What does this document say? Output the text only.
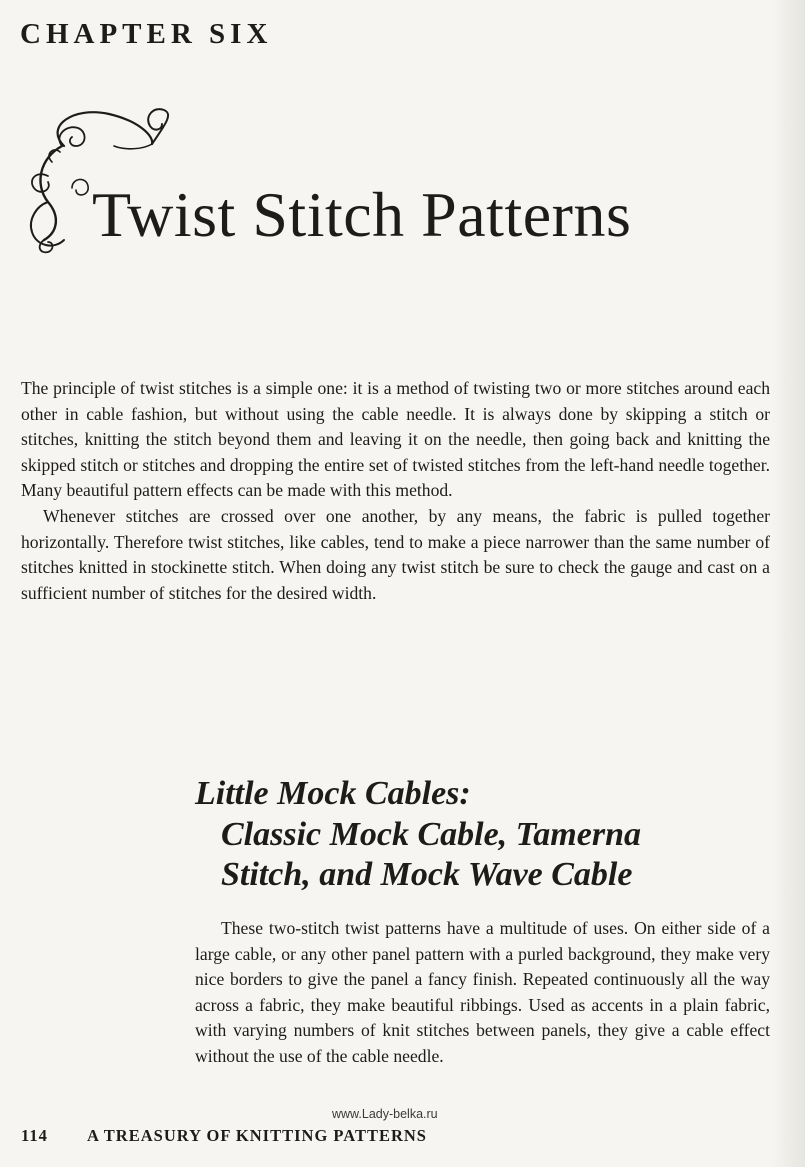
CHAPTER SIX
Twist Stitch Patterns

The principle of twist stitches is a simple one: it is a method of twisting two or more stitches around each other in cable fashion, but without using the cable needle. It is always done by skipping a stitch or stitches, knitting the stitch beyond them and leaving it on the needle, then going back and knitting the skipped stitch or stitches and dropping the entire set of twisted stitches from the left-hand needle together. Many beautiful pattern effects can be made with this method.

Whenever stitches are crossed over one another, by any means, the fabric is pulled together horizontally. Therefore twist stitches, like cables, tend to make a piece narrower than the same number of stitches knitted in stockinette stitch. When doing any twist stitch be sure to check the gauge and cast on a sufficient number of stitches for the desired width.

Little Mock Cables:
Classic Mock Cable, Tamerna
Stitch, and Mock Wave Cable

These two-stitch twist patterns have a multitude of uses. On either side of a large cable, or any other panel pattern with a purled background, they make very nice borders to give the panel a fancy finish. Repeated continuously all the way across a fabric, they make beautiful ribbings. Used as accents in a plain fabric, with varying numbers of knit stitches between panels, they give a cable effect without the use of the cable needle.

www.Lady-belka.ru
114 A TREASURY OF KNITTING PATTERNS
